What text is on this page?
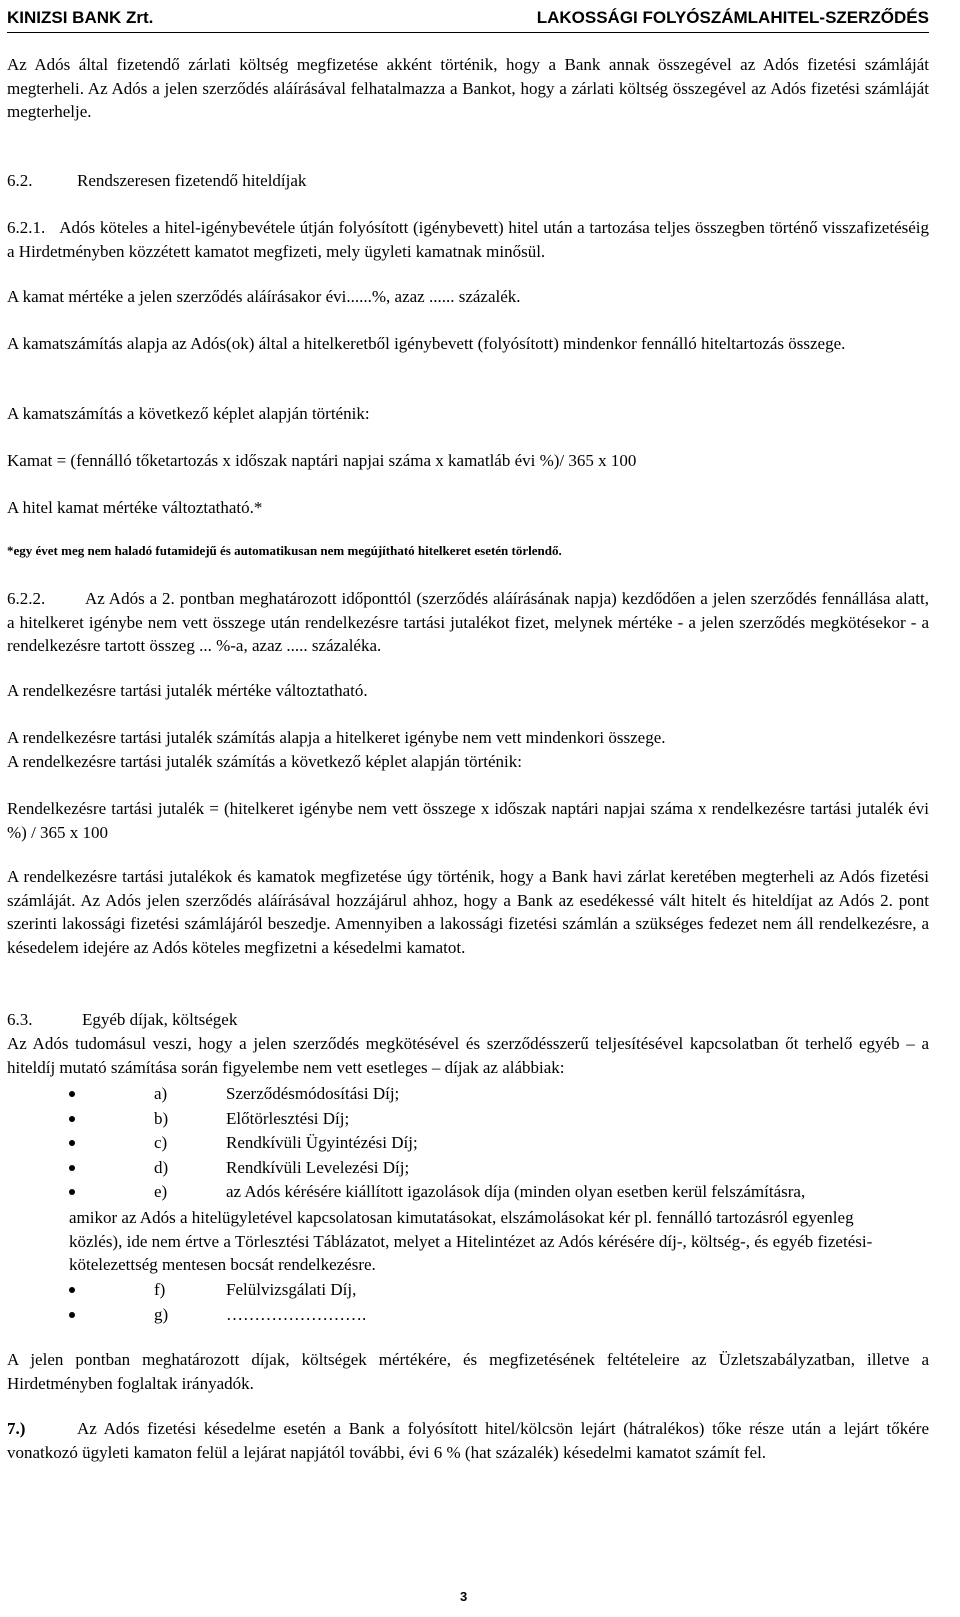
KINIZSI BANK Zrt.	LAKOSSÁGI FOLYÓSZÁMLAHITEL-SZERZŐDÉS

Az Adós által fizetendő zárlati költség megfizetése akként történik, hogy a Bank annak összegével az Adós fizetési számláját megterheli. Az Adós a jelen szerződés aláírásával felhatalmazza a Bankot, hogy a zárlati költség összegével az Adós fizetési számláját megterhelje.

6.2.	Rendszeresen fizetendő hiteldíjak

6.2.1. Adós köteles a hitel-igénybevétele útján folyósított (igénybevett) hitel után a tartozása teljes összegben történő visszafizetéséig a Hirdetményben közzétett kamatot megfizeti, mely ügyleti kamatnak minősül.

A kamat mértéke a jelen szerződés aláírásakor évi......%, azaz ...... százalék.

A kamatszámítás alapja az Adós(ok) által a hitelkeretből igénybevett (folyósított) mindenkor fennálló hiteltartozás összege.

A kamatszámítás a következő képlet alapján történik:

Kamat = (fennálló tőketartozás x időszak naptári napjai száma x kamatláb évi %)/ 365 x 100

A hitel kamat mértéke változtatható.*

*egy évet meg nem haladó futamidejű és automatikusan nem megújítható hitelkeret esetén törlendő.

6.2.2. Az Adós a 2. pontban meghatározott időponttól (szerződés aláírásának napja) kezdődően a jelen szerződés fennállása alatt, a hitelkeret igénybe nem vett összege után rendelkezésre tartási jutalékot fizet, melynek mértéke - a jelen szerződés megkötésekor - a rendelkezésre tartott összeg ... %-a, azaz ..... százaléka.

A rendelkezésre tartási jutalék mértéke változtatható.

A rendelkezésre tartási jutalék számítás alapja a hitelkeret igénybe nem vett mindenkori összege.

A rendelkezésre tartási jutalék számítás a következő képlet alapján történik:

Rendelkezésre tartási jutalék = (hitelkeret igénybe nem vett összege x időszak naptári napjai száma x rendelkezésre tartási jutalék évi %) / 365 x 100

A rendelkezésre tartási jutalékok és kamatok megfizetése úgy történik, hogy a Bank havi zárlat keretében megterheli az Adós fizetési számláját. Az Adós jelen szerződés aláírásával hozzájárul ahhoz, hogy a Bank az esedékessé vált hitelt és hiteldíjat az Adós 2. pont szerinti lakossági fizetési számlájáról beszedje. Amennyiben a lakossági fizetési számlán a szükséges fedezet nem áll rendelkezésre, a késedelem idejére az Adós köteles megfizetni a késedelmi kamatot.

6.3.	Egyéb díjak, költségek

Az Adós tudomásul veszi, hogy a jelen szerződés megkötésével és szerződésszerű teljesítésével kapcsolatban őt terhelő egyéb – a hiteldíj mutató számítása során figyelembe nem vett esetleges – díjak az alábbiak:

a)	Szerződésmódosítási Díj;
b)	Előtörlesztési Díj;
c)	Rendkívüli Ügyintézési Díj;
d)	Rendkívüli Levelezési Díj;
e)	az Adós kérésére kiállított igazolások díja (minden olyan esetben kerül felszámításra,

amikor az Adós a hitelügyletével kapcsolatosan kimutatásokat, elszámolásokat kér pl. fennálló tartozásról egyenleg közlés), ide nem értve a Törlesztési Táblázatot, melyet a Hitelintézet az Adós kérésére díj-, költség-, és egyéb fizetési-kötelezettség mentesen bocsát rendelkezésre.

f)	Felülvizsgálati Díj,
g)	…………………….

A jelen pontban meghatározott díjak, költségek mértékére, és megfizetésének feltételeire az Üzletszabályzatban, illetve a Hirdetményben foglaltak irányadók.

7.)	Az Adós fizetési késedelme esetén a Bank a folyósított hitel/kölcsön lejárt (hátralékos) tőke része után a lejárt tőkére vonatkozó ügyleti kamaton felül a lejárat napjától további, évi 6 % (hat százalék) késedelmi kamatot számít fel.

3
